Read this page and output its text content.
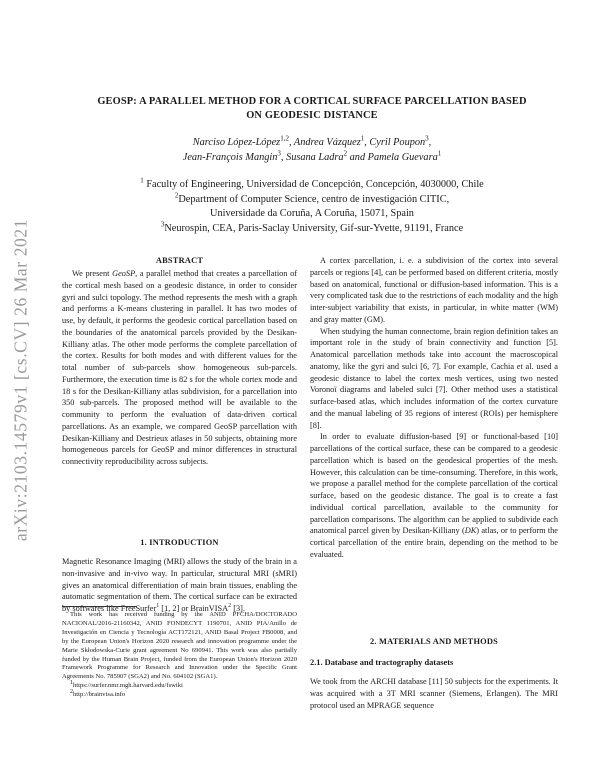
arXiv:2103.14579v1 [cs.CV] 26 Mar 2021
GEOSP: A PARALLEL METHOD FOR A CORTICAL SURFACE PARCELLATION BASED
ON GEODESIC DISTANCE
Narciso López-López$^{1,2}$, Andrea Vázquez$^1$, Cyril Poupon$^3$,
Jean-François Mangin$^3$, Susana Ladra$^2$ and Pamela Guevara$^1$
$^1$ Faculty of Engineering, Universidad de Concepción, Concepción, 4030000, Chile
$^2$Department of Computer Science, centro de investigación CITIC,
Universidade da Coruña, A Coruña, 15071, Spain
$^3$Neurospin, CEA, Paris-Saclay University, Gif-sur-Yvette, 91191, France
ABSTRACT

We present GeoSP, a parallel method that creates a parcellation of the cortical mesh based on a geodesic distance, in order to consider gyri and sulci topology. The method represents the mesh with a graph and performs a K-means clustering in parallel. It has two modes of use, by default, it performs the geodesic cortical parcellation based on the boundaries of the anatomical parcels provided by the Desikan-Killiany atlas. The other mode performs the complete parcellation of the cortex. Results for both modes and with different values for the total number of sub-parcels show homogeneous sub-parcels. Furthermore, the execution time is 82 s for the whole cortex mode and 18 s for the Desikan-Killiany atlas subdivision, for a parcellation into 350 sub-parcels. The proposed method will be available to the community to perform the evaluation of data-driven cortical parcellations. As an example, we compared GeoSP parcellation with Desikan-Killiany and Destrieux atlases in 50 subjects, obtaining more homogeneous parcels for GeoSP and minor differences in structural connectivity reproducibility across subjects.

1. INTRODUCTION

Magnetic Resonance Imaging (MRI) allows the study of the brain in a non-invasive and in-vivo way. In particular, structural MRI (sMRI) gives an anatomical differentiation of main brain tissues, enabling the automatic segmentation of them. The cortical surface can be extracted by softwares like FreeSurfer$^1$ [1, 2] or BrainVISA$^2$ [3].

This work has received funding by the ANID PFCHA/DOCTORADO NACIONAL/2016-21160342, ANID FONDECYT 1190701, ANID PIA/Anillo de Investigación en Ciencia y Tecnología ACT172121, ANID Basal Project FB0008, and by the European Union's Horizon 2020 research and innovation programme under the Marie Skłodowska-Curie grant agreement No 690941. This work was also partially funded by the Human Brain Project, funded from the European Union's Horizon 2020 Framework Programme for Research and Innovation under the Specific Grant Agreements No. 785907 (SGA2) and No. 604102 (SGA1).

$^1$https://surfer.nmr.mgh.harvard.edu/fswiki

$^2$http://brainvisa.info

A cortex parcellation, i. e. a subdivision of the cortex into several parcels or regions [4], can be performed based on different criteria, mostly based on anatomical, functional or diffusion-based information. This is a very complicated task due to the restrictions of each modality and the high inter-subject variability that exists, in particular, in white matter (WM) and gray matter (GM).

When studying the human connectome, brain region definition takes an important role in the study of brain connectivity and function [5]. Anatomical parcellation methods take into account the macroscopical anatomy, like the gyri and sulci [6, 7]. For example, Cachia et al. used a geodesic distance to label the cortex mesh vertices, using two nested Voronoï diagrams and labeled sulci [7]. Other method uses a statistical surface-based atlas, which includes information of the cortex curvature and the manual labeling of 35 regions of interest (ROIs) per hemisphere [8].

In order to evaluate diffusion-based [9] or functional-based [10] parcellations of the cortical surface, these can be compared to a geodesic parcellation which is based on the geodesical properties of the mesh. However, this calculation can be time-consuming. Therefore, in this work, we propose a parallel method for the complete parcellation of the cortical surface, based on the geodesic distance. The goal is to create a fast individual cortical parcellation, available to the community for parcellation comparisons. The algorithm can be applied to subdivide each anatomical parcel given by Desikan-Killiany (DK) atlas, or to perform the cortical parcellation of the entire brain, depending on the method to be evaluated.

2. MATERIALS AND METHODS
2.1. Database and tractography datasets

We took from the ARCHI database [11] 50 subjects for the experiments. It was acquired with a 3T MRI scanner (Siemens, Erlangen). The MRI protocol used an MPRAGE sequence
